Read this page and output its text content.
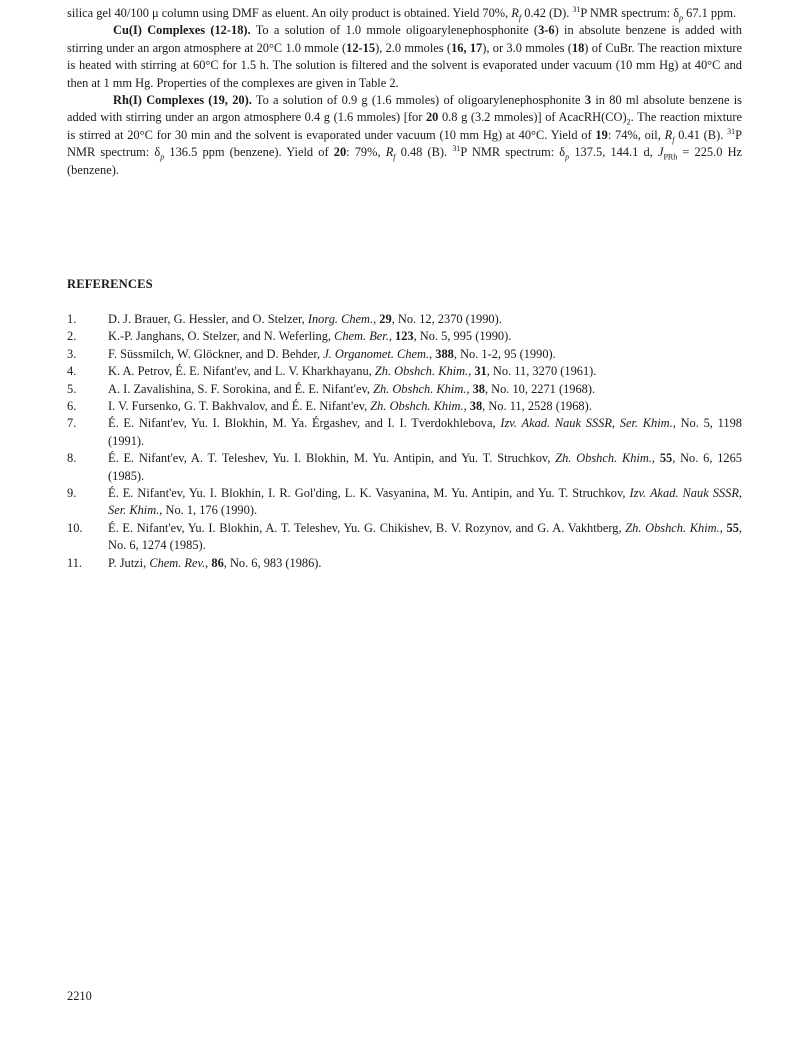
silica gel 40/100 μ column using DMF as eluent. An oily product is obtained. Yield 70%, $R_f$ 0.42 (D). $^{31}$P NMR spectrum: $\delta_p$ 67.1 ppm.

Cu(I) Complexes (12-18). To a solution of 1.0 mmole oligoarylenephosphonite (3-6) in absolute benzene is added with stirring under an argon atmosphere at 20°C 1.0 mmole (12-15), 2.0 mmoles (16, 17), or 3.0 mmoles (18) of CuBr. The reaction mixture is heated with stirring at 60°C for 1.5 h. The solution is filtered and the solvent is evaporated under vacuum (10 mm Hg) at 40°C and then at 1 mm Hg. Properties of the complexes are given in Table 2.

Rh(I) Complexes (19, 20). To a solution of 0.9 g (1.6 mmoles) of oligoarylenephosphonite 3 in 80 ml absolute benzene is added with stirring under an argon atmosphere 0.4 g (1.6 mmoles) [for 20 0.8 g (3.2 mmoles)] of $AcacRH(CO)_2$. The reaction mixture is stirred at 20°C for 30 min and the solvent is evaporated under vacuum (10 mm Hg) at 40°C. Yield of 19: 74%, oil, $R_f$ 0.41 (B). $^{31}$P NMR spectrum: $\delta_p$ 136.5 ppm (benzene). Yield of 20: 79%, $R_f$ 0.48 (B). $^{31}$P NMR spectrum: $\delta_p$ 137.5, 144.1 d, $J_{PRh} = 225.0$ Hz (benzene).

REFERENCES
1.	D. J. Brauer, G. Hessler, and O. Stelzer, Inorg. Chem., 29, No. 12, 2370 (1990).
2.	K.-P. Janghans, O. Stelzer, and N. Weferling, Chem. Ber., 123, No. 5, 995 (1990).
3.	F. Süssmilch, W. Glöckner, and D. Behder, J. Organomet. Chem., 388, No. 1-2, 95 (1990).
4.	K. A. Petrov, É. E. Nifant'ev, and L. V. Kharkhayanu, Zh. Obshch. Khim., 31, No. 11, 3270 (1961).
5.	A. I. Zavalishina, S. F. Sorokina, and É. E. Nifant'ev, Zh. Obshch. Khim., 38, No. 10, 2271 (1968).
6.	I. V. Fursenko, G. T. Bakhvalov, and É. E. Nifant'ev, Zh. Obshch. Khim., 38, No. 11, 2528 (1968).
7.	É. E. Nifant'ev, Yu. I. Blokhin, M. Ya. Érgashev, and I. I. Tverdokhlebova, Izv. Akad. Nauk SSSR, Ser. Khim., No. 5, 1198 (1991).
8.	É. E. Nifant'ev, A. T. Teleshev, Yu. I. Blokhin, M. Yu. Antipin, and Yu. T. Struchkov, Zh. Obshch. Khim., 55, No. 6, 1265 (1985).
9.	É. E. Nifant'ev, Yu. I. Blokhin, I. R. Gol'ding, L. K. Vasyanina, M. Yu. Antipin, and Yu. T. Struchkov, Izv. Akad. Nauk SSSR, Ser. Khim., No. 1, 176 (1990).
10.	É. E. Nifant'ev, Yu. I. Blokhin, A. T. Teleshev, Yu. G. Chikishev, B. V. Rozynov, and G. A. Vakhtberg, Zh. Obshch. Khim., 55, No. 6, 1274 (1985).
11.	P. Jutzi, Chem. Rev., 86, No. 6, 983 (1986).
2210
